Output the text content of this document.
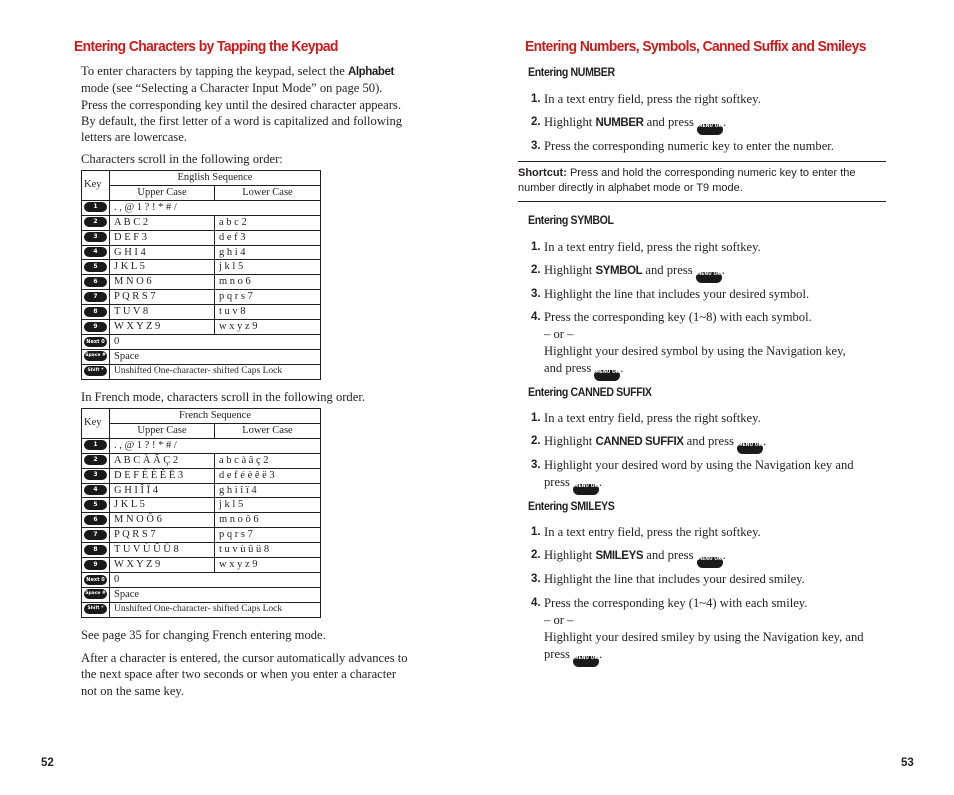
Entering Characters by Tapping the Keypad
To enter characters by tapping the keypad, select the Alphabet
mode (see “Selecting a Character Input Mode” on page 50).
Press the corresponding key until the desired character appears.
By default, the first letter of a word is capitalized and following
letters are lowercase.
Characters scroll in the following order:
Key	English Sequence	
	Upper Case	Lower Case
1	. , @ 1 ? ! * # /	
2	A B C 2	a b c 2
3	D E F 3	d e f 3
4	G H I 4	g h i 4
5	J K L 5	j k l 5
6	M N O 6	m n o 6
7	P Q R S 7	p q r s 7
8	T U V 8	t u v 8
9	W X Y Z 9	w x y z 9
Next 0	0	
Space #	Space	
Shift *	Unshifted One-character- shifted Caps Lock	
In French mode, characters scroll in the following order.
Key	French Sequence	
	Upper Case	Lower Case
1	. , @ 1 ? ! * # /	
2	A B C À Â Ç 2	a b c à â ç 2
3	D E F É È Ê Ë 3	d e f é è ê ë 3
4	G H I Î Ï 4	g h i î ï 4
5	J K L 5	j k l 5
6	M N O Ô 6	m n o ô 6
7	P Q R S 7	p q r s 7
8	T U V Ù Û Ü 8	t u v ù û ü 8
9	W X Y Z 9	w x y z 9
Next 0	0	
Space #	Space	
Shift *	Unshifted One-character- shifted Caps Lock	
See page 35 for changing French entering mode.
After a character is entered, the cursor automatically advances to
the next space after two seconds or when you enter a character
not on the same key.
52
Entering Numbers, Symbols, Canned Suffix and Smileys
Entering NUMBER
1. In a text entry field, press the right softkey.
2. Highlight NUMBER and press MENU OK.
3. Press the corresponding numeric key to enter the number.
Shortcut: Press and hold the corresponding numeric key to enter the
number directly in alphabet mode or T9 mode.
Entering SYMBOL
1. In a text entry field, press the right softkey.
2. Highlight SYMBOL and press MENU OK.
3. Highlight the line that includes your desired symbol.
4. Press the corresponding key (1~8) with each symbol.
– or –
Highlight your desired symbol by using the Navigation key,
and press MENU OK.
Entering CANNED SUFFIX
1. In a text entry field, press the right softkey.
2. Highlight CANNED SUFFIX and press MENU OK.
3. Highlight your desired word by using the Navigation key and
press MENU OK.
Entering SMILEYS
1. In a text entry field, press the right softkey.
2. Highlight SMILEYS and press MENU OK.
3. Highlight the line that includes your desired smiley.
4. Press the corresponding key (1~4) with each smiley.
– or –
Highlight your desired smiley by using the Navigation key, and
press MENU OK.
53
